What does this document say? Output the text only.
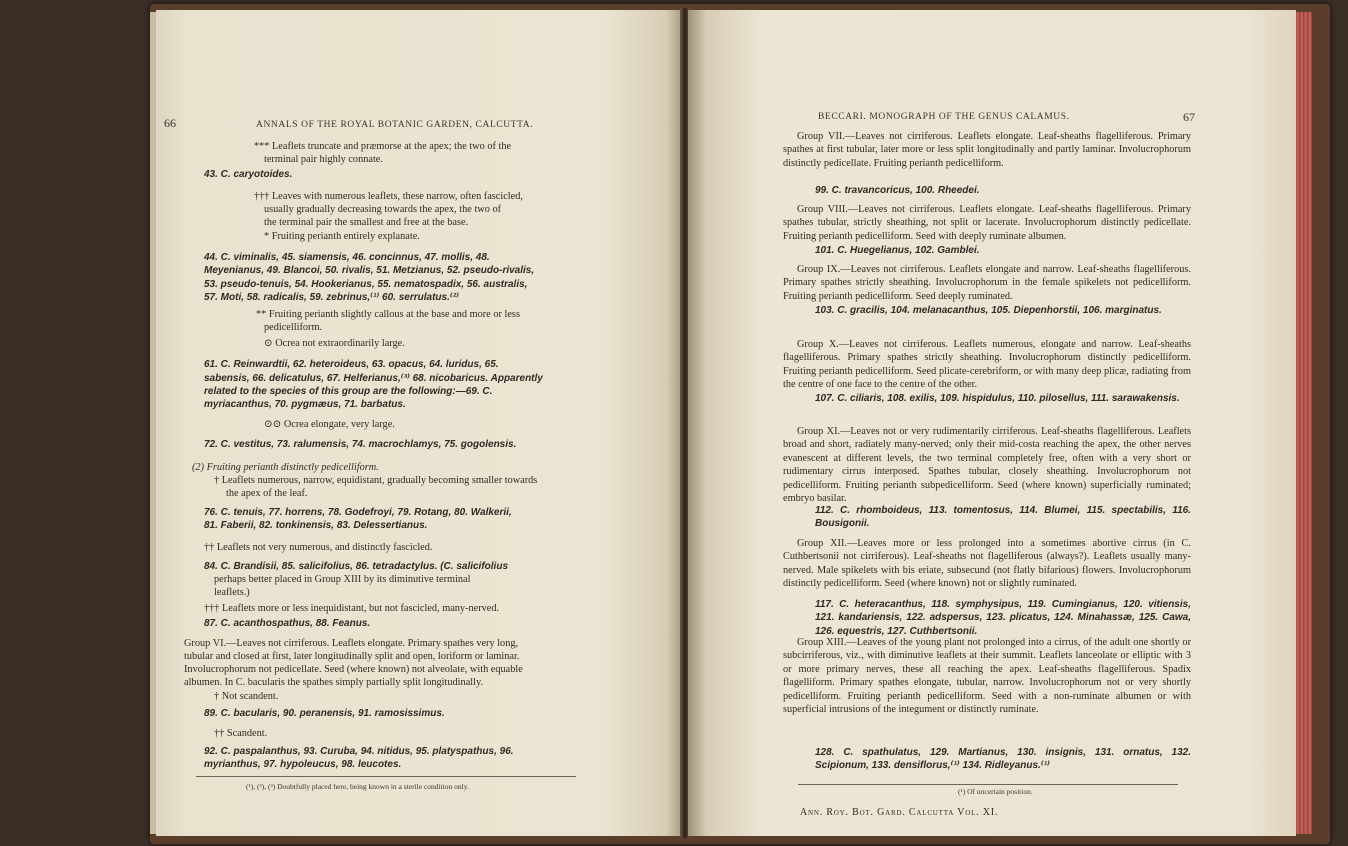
66	ANNALS OF THE ROYAL BOTANIC GARDEN, CALCUTTA.
*** Leaflets truncate and præmorse at the apex; the two of the
terminal pair highly connate.
43. C. caryotoides.
††† Leaves with numerous leaflets, these narrow, often fascicled,
usually gradually decreasing towards the apex, the two of
the terminal pair the smallest and free at the base.
* Fruiting perianth entirely explanate.
44. C. viminalis, 45. siamensis, 46. concinnus, 47. mollis, 48.
Meyenianus, 49. Blancoi, 50. rivalis, 51. Metzianus, 52. pseudo-rivalis,
53. pseudo-tenuis, 54. Hookerianus, 55. nematospadix, 56. australis,
57. Moti, 58. radicalis, 59. zebrinus,⁽¹⁾ 60. serrulatus.⁽²⁾
** Fruiting perianth slightly callous at the base and more or less
pedicelliform.
⊙ Ocrea not extraordinarily large.
61. C. Reinwardtii, 62. heteroideus, 63. opacus, 64. luridus, 65.
sabensis, 66. delicatulus, 67. Helferianus,⁽³⁾ 68. nicobaricus. Apparently
related to the species of this group are the following:—69. C.
myriacanthus, 70. pygmæus, 71. barbatus.
⊙⊙ Ocrea elongate, very large.
72. C. vestitus, 73. ralumensis, 74. macrochlamys, 75. gogolensis.
(2) Fruiting perianth distinctly pedicelliform.
† Leaflets numerous, narrow, equidistant, gradually becoming smaller towards
the apex of the leaf.
76. C. tenuis, 77. horrens, 78. Godefroyi, 79. Rotang, 80. Walkerii,
81. Faberii, 82. tonkinensis, 83. Delessertianus.
†† Leaflets not very numerous, and distinctly fascicled.
84. C. Brandisii, 85. salicifolius, 86. tetradactylus. (C. salicifolius
perhaps better placed in Group XIII by its diminutive terminal
leaflets.)
††† Leaflets more or less inequidistant, but not fascicled, many-nerved.
87. C. acanthospathus, 88. Feanus.
Group VI.—Leaves not cirriferous. Leaflets elongate. Primary spathes very long,
tubular and closed at first, later longitudinally split and open, loriform or laminar.
Involucrophorum not pedicellate. Seed (where known) not alveolate, with equable
albumen. In C. bacularis the spathes simply partially split longitudinally.
† Not scandent.
89. C. bacularis, 90. peranensis, 91. ramosissimus.
†† Scandent.
92. C. paspalanthus, 93. Curuba, 94. nitidus, 95. platyspathus, 96.
myrianthus, 97. hypoleucus, 98. leucotes.
(¹), (²), (³) Doubtfully placed here, being known in a sterile condition only.
BECCARI. MONOGRAPH OF THE GENUS CALAMUS.	67
Group VII.—Leaves not cirriferous. Leaflets elongate. Leaf-sheaths flagelliferous. Primary spathes at first tubular, later more or less split longitudinally and partly laminar. Involucrophorum distinctly pedicellate. Fruiting perianth pedicelliform.
99. C. travancoricus, 100. Rheedei.
Group VIII.—Leaves not cirriferous. Leaflets elongate. Leaf-sheaths flagelliferous. Primary spathes tubular, strictly sheathing, not split or lacerate. Involucrophorum distinctly pedicellate. Fruiting perianth pedicelliform. Seed with deeply ruminate albumen.
101. C. Huegelianus, 102. Gamblei.
Group IX.—Leaves not cirriferous. Leaflets elongate and narrow. Leaf-sheaths flagelliferous. Primary spathes strictly sheathing. Involucrophorum in the female spikelets not pedicelliform. Fruiting perianth pedicelliform. Seed deeply ruminated.
103. C. gracilis, 104. melanacanthus, 105. Diepenhorstii, 106. marginatus.
Group X.—Leaves not cirriferous. Leaflets numerous, elongate and narrow. Leaf-sheaths flagelliferous. Primary spathes strictly sheathing. Involucrophorum distinctly pedicelliform. Fruiting perianth pedicelliform. Seed plicate-cerebriform, or with many deep plicæ, radiating from the centre of one face to the centre of the other.
107. C. ciliaris, 108. exilis, 109. hispidulus, 110. pilosellus, 111. sarawakensis.
Group XI.—Leaves not or very rudimentarily cirriferous. Leaf-sheaths flagelliferous. Leaflets broad and short, radiately many-nerved; only their mid-costa reaching the apex, the other nerves evanescent at different levels, the two terminal completely free, often with a very short or rudimentary cirrus interposed. Spathes tubular, closely sheathing. Involucrophorum not pedicelliform. Fruiting perianth subpedicelliform. Seed (where known) superficially ruminated; embryo basilar.
112. C. rhomboideus, 113. tomentosus, 114. Blumei, 115. spectabilis, 116. Bousigonii.
Group XII.—Leaves more or less prolonged into a sometimes abortive cirrus (in C. Cuthbertsonii not cirriferous). Leaf-sheaths not flagelliferous (always?). Leaflets usually many-nerved. Male spikelets with bis eriate, subsecund (not flatly bifarious) flowers. Involucrophorum distinctly pedicelliform. Seed (where known) not or slightly ruminated.
117. C. heteracanthus, 118. symphysipus, 119. Cumingianus, 120. vitiensis, 121. kandariensis, 122. adspersus, 123. plicatus, 124. Minahassæ, 125. Cawa, 126. equestris, 127. Cuthbertsonii.
Group XIII.—Leaves of the young plant not prolonged into a cirrus, of the adult one shortly or subcirriferous, viz., with diminutive leaflets at their summit. Leaflets lanceolate or elliptic with 3 or more primary nerves, these all reaching the apex. Leaf-sheaths flagelliferous. Spadix flagelliform. Primary spathes elongate, tubular, narrow. Involucrophorum not or very shortly pedicelliform. Fruiting perianth pedicelliform. Seed with a non-ruminate albumen or with superficial intrusions of the integument or distinctly ruminate.
128. C. spathulatus, 129. Martianus, 130. insignis, 131. ornatus, 132. Scipionum, 133. densiflorus,⁽¹⁾ 134. Ridleyanus.⁽¹⁾
(¹) Of uncertain position.
Ann. Roy. Bot. Gard. Calcutta Vol. XI.
